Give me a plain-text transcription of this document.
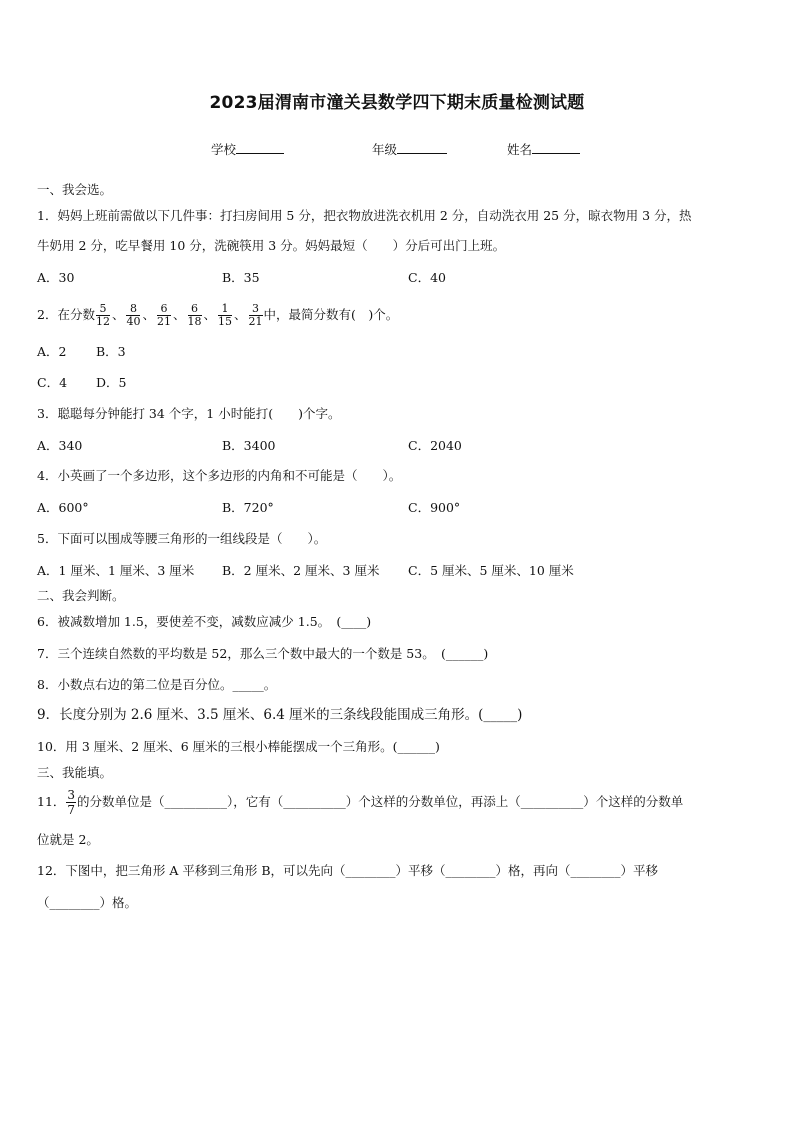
2023届渭南市潼关县数学四下期末质量检测试题
学校	年级	姓名
一、我会选。
1．妈妈上班前需做以下几件事：打扫房间用 5 分，把衣物放进洗衣机用 2 分，自动洗衣用 25 分，晾衣物用 3 分，热
牛奶用 2 分，吃早餐用 10 分，洗碗筷用 3 分。妈妈最短（　　）分后可出门上班。
A．30	B．35	C．40
2．在分数 $\frac{5}{12}$ 、 $\frac{8}{40}$ 、 $\frac{6}{21}$ 、 $\frac{6}{18}$ 、 $\frac{1}{15}$ 、 $\frac{3}{21}$ 中，最简分数有(　)个。
A．2 B．3
C．4 D．5
3．聪聪每分钟能打 34 个字，1 小时能打(　　)个字。
A．340	B．3400	C．2040
4．小英画了一个多边形，这个多边形的内角和不可能是（　　）。
A．600°	B．720°	C．900°
5．下面可以围成等腰三角形的一组线段是（　　）。
A．1 厘米、1 厘米、3 厘米 B．2 厘米、2 厘米、3 厘米 C．5 厘米、5 厘米、10 厘米
二、我会判断。
6．被减数增加 1.5，要使差不变，减数应减少 1.5。　(____)
7．三个连续自然数的平均数是 52，那么三个数中最大的一个数是 53。　(______)
8．小数点右边的第二位是百分位。_____。
9．长度分别为 2.6 厘米、3.5 厘米、6.4 厘米的三条线段能围成三角形。(_____)
10．用 3 厘米、2 厘米、6 厘米的三根小棒能摆成一个三角形。(______)
三、我能填。
11． $\frac{3}{7}$ 的分数单位是（__________），它有（__________）个这样的分数单位，再添上（__________）个这样的分数单
位就是 2。
12．下图中，把三角形 A 平移到三角形 B，可以先向（________）平移（________）格，再向（________）平移
（________）格。
